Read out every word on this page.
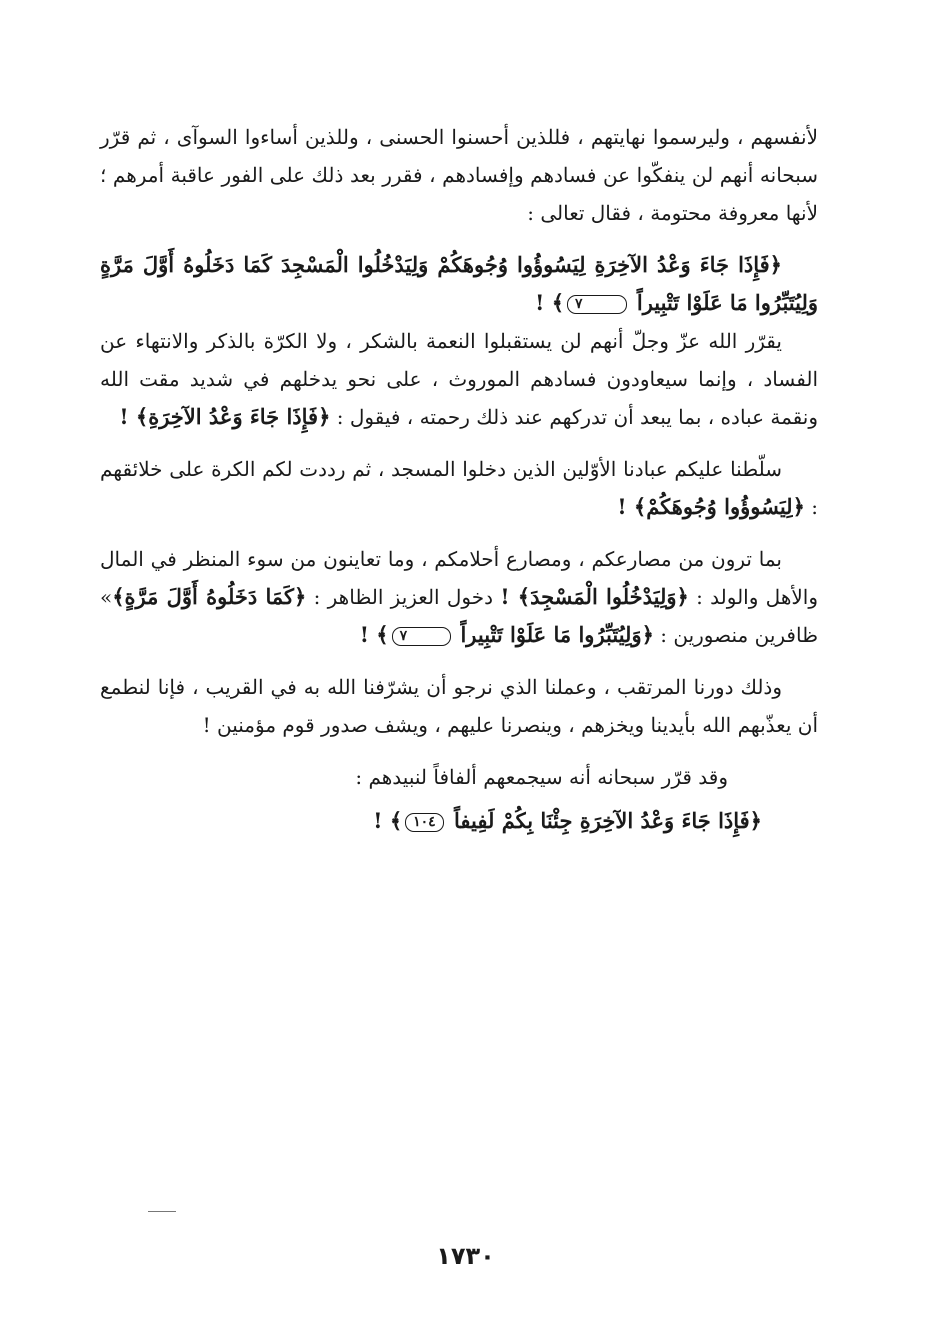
لأنفسهم ، وليرسموا نهايتهم ، فللذين أحسنوا الحسنى ، وللذين أساءوا السوآى ، ثم قرّر سبحانه أنهم لن ينفكّوا عن فسادهم وإفسادهم ، فقرر بعد ذلك على الفور عاقبة أمرهم ؛ لأنها معروفة محتومة ، فقال تعالى :

﴿فَإِذَا جَاءَ وَعْدُ الآخِرَةِ لِيَسُوؤُوا وُجُوهَكُمْ وَلِيَدْخُلُوا الْمَسْجِدَ كَمَا دَخَلُوهُ أَوَّلَ مَرَّةٍ وَلِيُتَبِّرُوا مَا عَلَوْا تَتْبِيراً ٧﴾ !

يقرّر الله عزّ وجلّ أنهم لن يستقبلوا النعمة بالشكر ، ولا الكرّة بالذكر والانتهاء عن الفساد ، وإنما سيعاودون فسادهم الموروث ، على نحو يدخلهم في شديد مقت الله ونقمة عباده ، بما يبعد أن تدركهم عند ذلك رحمته ، فيقول : ﴿فَإِذَا جَاءَ وَعْدُ الآخِرَةِ﴾ !

سلّطنا عليكم عبادنا الأوّلين الذين دخلوا المسجد ، ثم رددت لكم الكرة على خلائقهم : ﴿لِيَسُوؤُوا وُجُوهَكُمْ﴾ !

بما ترون من مصارعكم ، ومصارع أحلامكم ، وما تعاينون من سوء المنظر في المال والأهل والولد : ﴿وَلِيَدْخُلُوا الْمَسْجِدَ﴾ ! دخول العزيز الظاهر : ﴿كَمَا دَخَلُوهُ أَوَّلَ مَرَّةٍ﴾» ظافرين منصورين : ﴿وَلِيُتَبِّرُوا مَا عَلَوْا تَتْبِيراً ٧﴾ !

وذلك دورنا المرتقب ، وعملنا الذي نرجو أن يشرّفنا الله به في القريب ، فإنا لنطمع أن يعذّبهم الله بأيدينا ويخزهم ، وينصرنا عليهم ، ويشف صدور قوم مؤمنين !

وقد قرّر سبحانه أنه سيجمعهم ألفافاً لنبيدهم :

﴿فَإِذَا جَاءَ وَعْدُ الآخِرَةِ جِئْنَا بِكُمْ لَفِيفاً ١٠٤﴾ !

١٧٣٠
